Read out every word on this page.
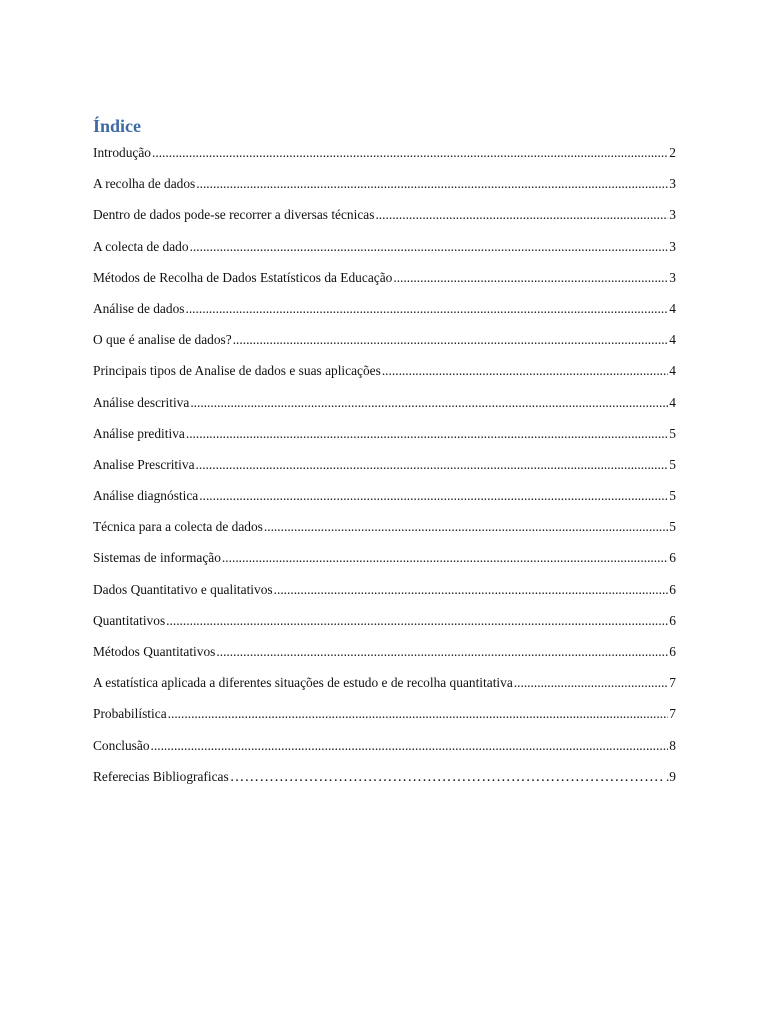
Índice
Introdução .....	2
A recolha de dados .....	3
Dentro de dados pode-se recorrer a diversas técnicas .....	3
A colecta de dado .....	3
Métodos de Recolha de Dados Estatísticos da Educação .....	3
Análise de dados .....	4
O que é analise de dados? .....	4
Principais tipos de Analise de dados e suas aplicações .....	4
Análise descritiva .....	4
Análise preditiva .....	5
Analise Prescritiva .....	5
Análise diagnóstica .....	5
Técnica para a colecta de dados .....	5
Sistemas de informação .....	6
Dados Quantitativo e qualitativos .....	6
Quantitativos .....	6
Métodos Quantitativos .....	6
A estatística aplicada a diferentes situações de estudo e de recolha quantitativa .....	7
Probabilística .....	7
Conclusão .....	8
Referecias Bibliograficas ……………………………………………………………………………………………………………………………………………	.9
